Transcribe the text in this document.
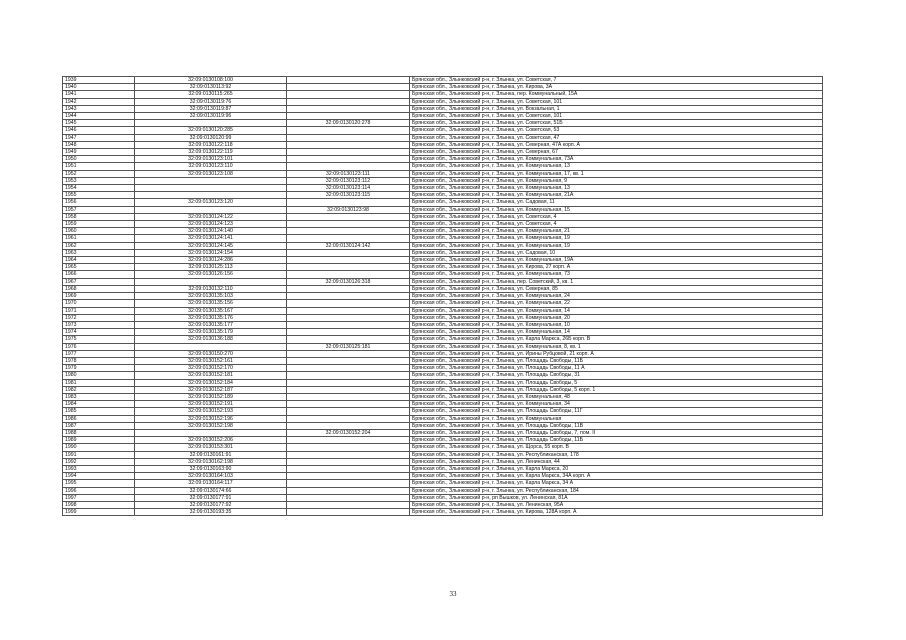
1939	32:09:0130108:100		Брянская обл., Злынковский р-н, г. Злынка, ул. Советская, 7
1940	32:09:0130113:92		Брянская обл., Злынковский р-н, г. Злынка, ул. Кирова, 3А
1941	32:09:0130115:265		Брянская обл., Злынковский р-н, г. Злынка, пер. Коммунальный, 15А
1942	32:09:0130119:76		Брянская обл., Злынковский р-н, г. Злынка, ул. Советская, 101
1943	32:09:0130119:87		Брянская обл., Злынковский р-н, г. Злынка, ул. Вокзальная, 1
1944	32:09:0130119:96		Брянская обл., Злынковский р-н, г. Злынка, ул. Советская, 101
1945		32:09:0130120:278	Брянская обл., Злынковский р-н, г. Злынка, ул. Советская, 51Б
1946	32:09:0130120:285		Брянская обл., Злынковский р-н, г. Злынка, ул. Советская, 53
1947	32:09:0130120:99		Брянская обл., Злынковский р-н, г. Злынка, ул. Советская, 47
1948	32:09:0130122:118		Брянская обл., Злынковский р-н, г. Злынка, ул. Северная, 47А корп. А
1949	32:09:0130122:119		Брянская обл., Злынковский р-н, г. Злынка, ул. Северная, 67
1950	32:09:0130123:101		Брянская обл., Злынковский р-н, г. Злынка, ул. Коммунальная, 73А
1951	32:09:0130123:110		Брянская обл., Злынковский р-н, г. Злынка, ул. Коммунальная, 13
1952	32:09:0130123:108	32:09:0130123:111	Брянская обл., Злынковский р-н, г. Злынка, ул. Коммунальная, 17, кв. 1
1953		32:09:0130123:112	Брянская обл., Злынковский р-н, г. Злынка, ул. Коммунальная, 9
1954		32:09:0130123:114	Брянская обл., Злынковский р-н, г. Злынка, ул. Коммунальная, 13
1955		32:09:0130123:115	Брянская обл., Злынковский р-н, г. Злынка, ул. Коммунальная, 21А
1956	32:09:0130123:120		Брянская обл., Злынковский р-н, г. Злынка, ул. Садовая, 11
1957		32:09:0130123:98	Брянская обл., Злынковский р-н, г. Злынка, ул. Коммунальная, 15
1958	32:09:0130124:122		Брянская обл., Злынковский р-н, г. Злынка, ул. Советская, 4
1959	32:09:0130124:123		Брянская обл., Злынковский р-н, г. Злынка, ул. Советская, 4
1960	32:09:0130124:140		Брянская обл., Злынковский р-н, г. Злынка, ул. Коммунальная, 21
1961	32:09:0130124:141		Брянская обл., Злынковский р-н, г. Злынка, ул. Коммунальная, 19
1962	32:09:0130124:145	32:09:0130124:142	Брянская обл., Злынковский р-н, г. Злынка, ул. Коммунальная, 19
1963	32:09:0130124:154		Брянская обл., Злынковский р-н, г. Злынка, ул. Садовая, 10
1964	32:09:0130124:286		Брянская обл., Злынковский р-н, г. Злынка, ул. Коммунальная, 19А
1965	32:09:0130125:113		Брянская обл., Злынковский р-н, г. Злынка, ул. Кирова, 27 корп. А
1966	32:09:0130126:156		Брянская обл., Злынковский р-н, г. Злынка, ул. Коммунальная, 73
1967		32:09:0130126:318	Брянская обл., Злынковский р-н, г. Злынка, пер. Советский, 3, кв. 1
1968	32:09:0130132:110		Брянская обл., Злынковский р-н, г. Злынка, ул. Северная, 85
1969	32:09:0130135:103		Брянская обл., Злынковский р-н, г. Злынка, ул. Коммунальная, 24
1970	32:09:0130135:156		Брянская обл., Злынковский р-н, г. Злынка, ул. Коммунальная, 22
1971	32:09:0130135:167		Брянская обл., Злынковский р-н, г. Злынка, ул. Коммунальная, 14
1972	32:09:0130135:176		Брянская обл., Злынковский р-н, г. Злынка, ул. Коммунальная, 20
1973	32:09:0130135:177		Брянская обл., Злынковский р-н, г. Злынка, ул. Коммунальная, 10
1974	32:09:0130135:179		Брянская обл., Злынковский р-н, г. Злынка, ул. Коммунальная, 14
1975	32:09:0130136:188		Брянская обл., Злынковский р-н, г. Злынка, ул. Карла Маркса, 26Б корп. В
1976		32:09:0130125:181	Брянская обл., Злынковский р-н, г. Злынка, ул. Коммунальная, 8, кв. 1
1977	32:09:0130150:270		Брянская обл., Злынковский р-н, г. Злынка, ул. Ирины Рубцовой, 21 корп. А
1978	32:09:0130152:161		Брянская обл., Злынковский р-н, г. Злынка, ул. Площадь Свободы, 11Б
1979	32:09:0130152:170		Брянская обл., Злынковский р-н, г. Злынка, ул. Площадь Свободы, 11 А
1980	32:09:0130152:181		Брянская обл., Злынковский р-н, г. Злынка, ул. Площадь Свободы, 31
1981	32:09:0130152:184		Брянская обл., Злынковский р-н, г. Злынка, ул. Площадь Свободы, 5
1982	32:09:0130152:187		Брянская обл., Злынковский р-н, г. Злынка, ул. Площадь Свободы, 5 корп. 1
1983	32:09:0130152:189		Брянская обл., Злынковский р-н, г. Злынка, ул. Коммунальная, 48
1984	32:09:0130152:191		Брянская обл., Злынковский р-н, г. Злынка, ул. Коммунальная, 34
1985	32:09:0130152:193		Брянская обл., Злынковский р-н, г. Злынка, ул. Площадь Свободы, 11Г
1986	32:09:0130152:196		Брянская обл., Злынковский р-н, г. Злынка, ул. Коммунальная
1987	32:09:0130152:198		Брянская обл., Злынковский р-н, г. Злынка, ул. Площадь Свободы, 11В
1988		32:09:0130152:204	Брянская обл., Злынковский р-н, г. Злынка, ул. Площадь Свободы, 7, пом. II
1989	32:09:0130152:206		Брянская обл., Злынковский р-н, г. Злынка, ул. Площадь Свободы, 11Б
1990	32:09:0130153:301		Брянская обл., Злынковский р-н, г. Злынка, ул. Щорса, 55 корп. В
1991	32:09:0130161:91		Брянская обл., Злынковский р-н, г. Злынка, ул. Республиканская, 178
1992	32:09:0130162:198		Брянская обл., Злынковский р-н, г. Злынка, ул. Ленинская, 44
1993	32:09:0130163:90		Брянская обл., Злынковский р-н, г. Злынка, ул. Карла Маркса, 20
1994	32:09:0130164:103		Брянская обл., Злынковский р-н, г. Злынка, ул. Карла Маркса, 34А корп. А
1995	32:09:0130164:117		Брянская обл., Злынковский р-н, г. Злынка, ул. Карла Маркса, 34 А
1996	32:09:0130174:66		Брянская обл., Злынковский р-н, г. Злынка, ул. Республиканская, 184
1997	32:09:0130177:91		Брянская обл., Злынковский р-н, рп Вышков, ул. Ленинская, 81А
1998	32:09:0130177:92		Брянская обл., Злынковский р-н, г. Злынка, ул. Ленинская, 95А
1999	32:09:0130193:35		Брянская обл., Злынковский р-н, г. Злынка, ул. Кирова, 128А корп. А
33
